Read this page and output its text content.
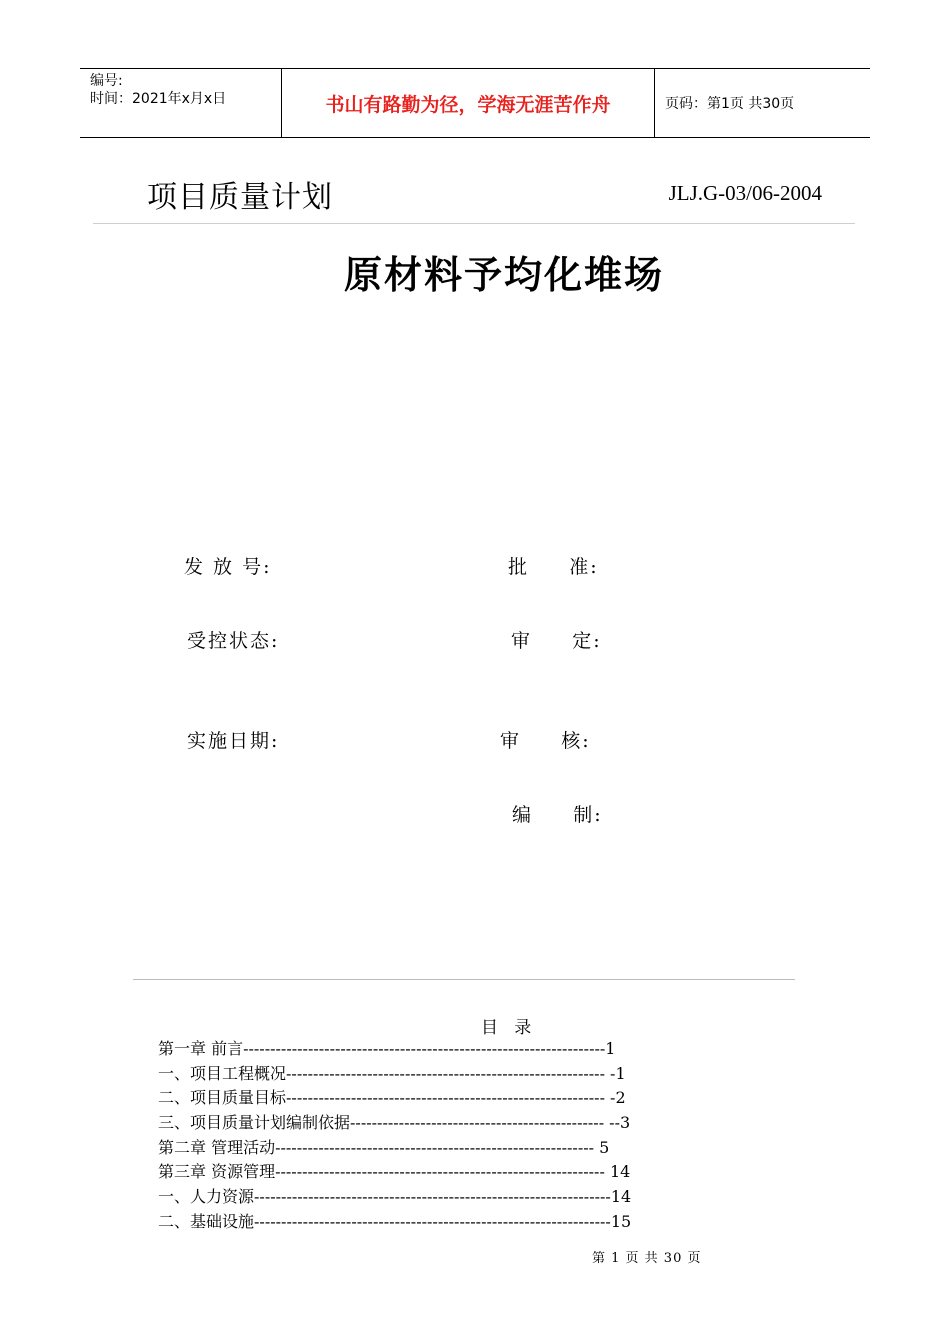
编号:
时间：2021年x月x日	书山有路勤为径，学海无涯苦作舟	页码：第1页 共30页
项目质量计划	JLJ.G-03/06-2004
原材料予均化堆场
发 放 号:	批     准:
受控状态:	审     定:
实施日期:	审     核:
编     制:
目   录
第一章 前言-------------------------------------------------------------------1
一、项目工程概况----------------------------------------------------------- -1
二、项目质量目标----------------------------------------------------------- -2
三、项目质量计划编制依据----------------------------------------------- --3
第二章 管理活动----------------------------------------------------------- 5
第三章 资源管理------------------------------------------------------------- 14
一、人力资源------------------------------------------------------------------14
二、基础设施------------------------------------------------------------------15
第 1 页 共 30 页
